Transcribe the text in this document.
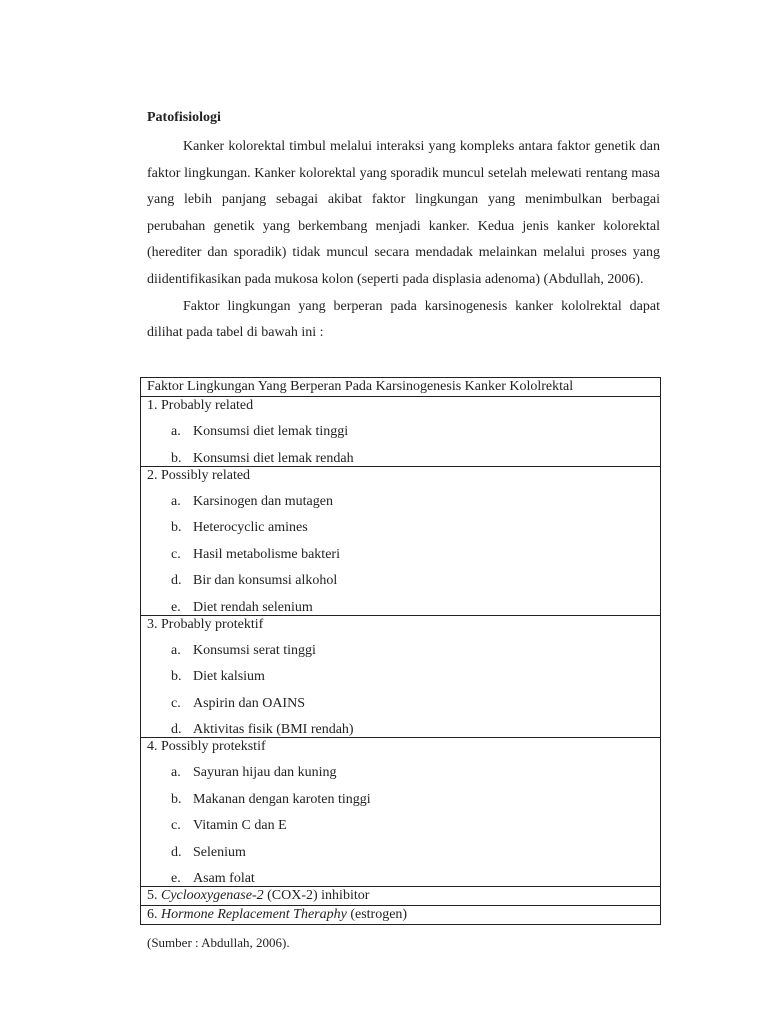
Patofisiologi

Kanker kolorektal timbul melalui interaksi yang kompleks antara faktor genetik dan faktor lingkungan. Kanker kolorektal yang sporadik muncul setelah melewati rentang masa yang lebih panjang sebagai akibat faktor lingkungan yang menimbulkan berbagai perubahan genetik yang berkembang menjadi kanker. Kedua jenis kanker kolorektal (herediter dan sporadik) tidak muncul secara mendadak melainkan melalui proses yang diidentifikasikan pada mukosa kolon (seperti pada displasia adenoma) (Abdullah, 2006).

Faktor lingkungan yang berperan pada karsinogenesis kanker kololrektal dapat dilihat pada tabel di bawah ini :

Faktor Lingkungan Yang Berperan Pada Karsinogenesis Kanker Kololrektal

1. Probably related
a. Konsumsi diet lemak tinggi
b. Konsumsi diet lemak rendah

2. Possibly related
a. Karsinogen dan mutagen
b. Heterocyclic amines
c. Hasil metabolisme bakteri
d. Bir dan konsumsi alkohol
e. Diet rendah selenium

3. Probably protektif
a. Konsumsi serat tinggi
b. Diet kalsium
c. Aspirin dan OAINS
d. Aktivitas fisik (BMI rendah)

4. Possibly protekstif
a. Sayuran hijau dan kuning
b. Makanan dengan karoten tinggi
c. Vitamin C dan E
d. Selenium
e. Asam folat

5. Cyclooxygenase-2 (COX-2) inhibitor
6. Hormone Replacement Theraphy (estrogen)
(Sumber : Abdullah, 2006).
